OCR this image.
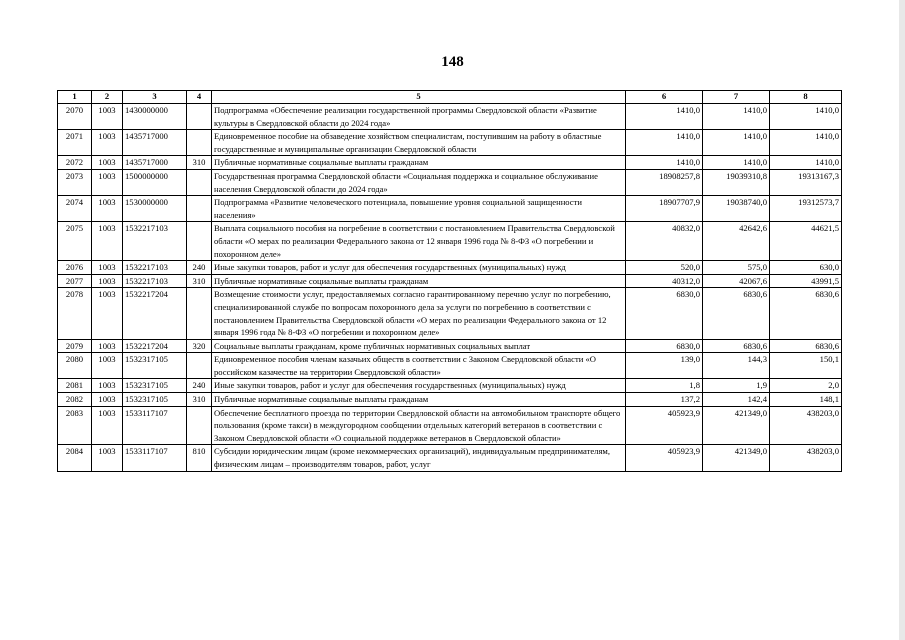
148
1	2	3	4	5	6	7	8
2070	1003	1430000000		Подпрограмма «Обеспечение реализации государственной программы Свердловской области «Развитие культуры в Свердловской области до 2024 года»	1410,0	1410,0	1410,0
2071	1003	1435717000		Единовременное пособие на обзаведение хозяйством специалистам, поступившим на работу в областные государственные и муниципальные организации Свердловской области	1410,0	1410,0	1410,0
2072	1003	1435717000	310	Публичные нормативные социальные выплаты гражданам	1410,0	1410,0	1410,0
2073	1003	1500000000		Государственная программа Свердловской области «Социальная поддержка и социальное обслуживание населения Свердловской области до 2024 года»	18908257,8	19039310,8	19313167,3
2074	1003	1530000000		Подпрограмма «Развитие человеческого потенциала, повышение уровня социальной защищенности населения»	18907707,9	19038740,0	19312573,7
2075	1003	1532217103		Выплата социального пособия на погребение в соответствии с постановлением Правительства Свердловской области «О мерах по реализации Федерального закона от 12 января 1996 года № 8-ФЗ «О погребении и похоронном деле»	40832,0	42642,6	44621,5
2076	1003	1532217103	240	Иные закупки товаров, работ и услуг для обеспечения государственных (муниципальных) нужд	520,0	575,0	630,0
2077	1003	1532217103	310	Публичные нормативные социальные выплаты гражданам	40312,0	42067,6	43991,5
2078	1003	1532217204		Возмещение стоимости услуг, предоставляемых согласно гарантированному перечню услуг по погребению, специализированной службе по вопросам похоронного дела за услуги по погребению в соответствии с постановлением Правительства Свердловской области «О мерах по реализации Федерального закона от 12 января 1996 года № 8-ФЗ «О погребении и похоронном деле»	6830,0	6830,6	6830,6
2079	1003	1532217204	320	Социальные выплаты гражданам, кроме публичных нормативных социальных выплат	6830,0	6830,6	6830,6
2080	1003	1532317105		Единовременное пособия членам казачьих обществ в соответствии с Законом Свердловской области «О российском казачестве на территории Свердловской области»	139,0	144,3	150,1
2081	1003	1532317105	240	Иные закупки товаров, работ и услуг для обеспечения государственных (муниципальных) нужд	1,8	1,9	2,0
2082	1003	1532317105	310	Публичные нормативные социальные выплаты гражданам	137,2	142,4	148,1
2083	1003	1533117107		Обеспечение бесплатного проезда по территории Свердловской области на автомобильном транспорте общего пользования (кроме такси) в междугородном сообщении отдельных категорий ветеранов в соответствии с Законом Свердловской области «О социальной поддержке ветеранов в Свердловской области»	405923,9	421349,0	438203,0
2084	1003	1533117107	810	Субсидии юридическим лицам (кроме некоммерческих организаций), индивидуальным предпринимателям, физическим лицам – производителям товаров, работ, услуг	405923,9	421349,0	438203,0
